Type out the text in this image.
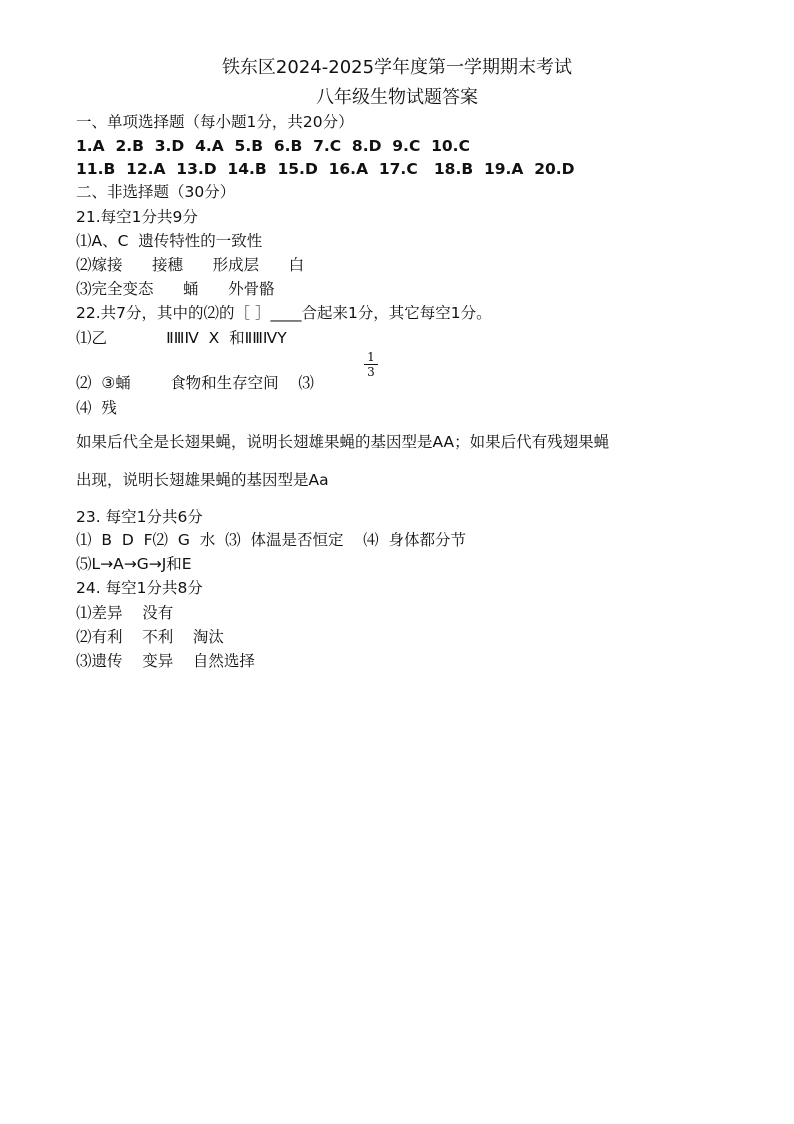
铁东区2024-2025学年度第一学期期末考试
八年级生物试题答案
一、单项选择题（每小题1分，共20分）
1.A  2.B  3.D  4.A  5.B  6.B  7.C  8.D  9.C  10.C
11.B  12.A  13.D  14.B  15.D  16.A  17.C   18.B  19.A  20.D
二、非选择题（30分）
21.每空1分共9分
⑴A、C  遗传特性的一致性
⑵嫁接      接穗      形成层      白
⑶完全变态      蛹      外骨骼
22.共7分，其中的⑵的［ ］____合起来1分，其它每空1分。
⑴乙            ⅡⅢⅣ  X  和ⅡⅢⅣY
⑵  ③蛹        食物和生存空间    ⑶
$\frac{1}{3}$
⑷  残
如果后代全是长翅果蝇，说明长翅雄果蝇的基因型是AA；如果后代有残翅果蝇
出现，说明长翅雄果蝇的基因型是Aa
23. 每空1分共6分
⑴  B  D  F⑵  G  水  ⑶  体温是否恒定    ⑷  身体都分节
⑸L→A→G→J和E
24. 每空1分共8分
⑴差异    没有
⑵有利    不利    淘汰
⑶遗传    变异    自然选择
